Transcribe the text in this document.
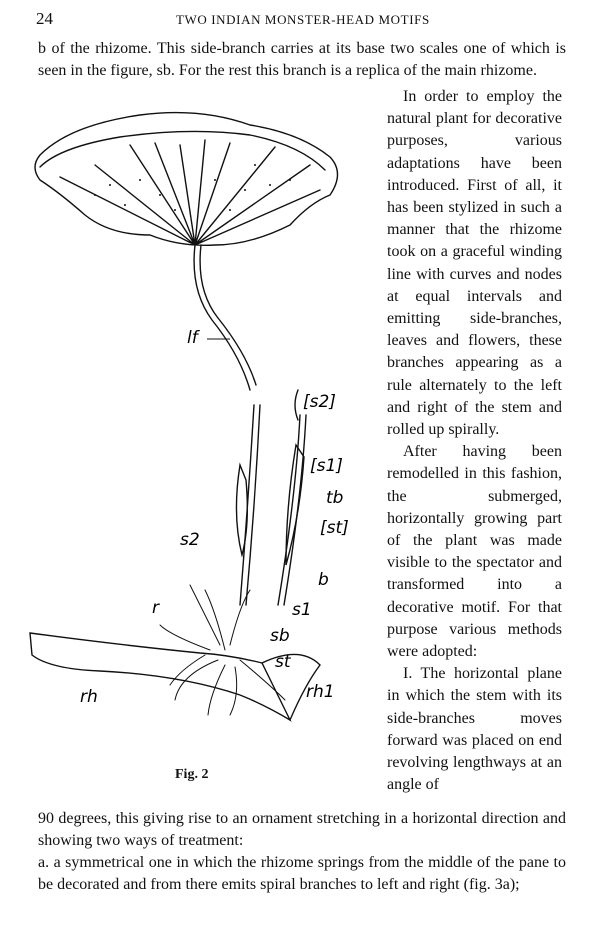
24	TWO INDIAN MONSTER-HEAD MOTIFS

b of the rhizome. This side-branch carries at its base two scales one of which is seen in the figure, sb. For the rest this branch is a replica of the main rhizome.

lf
[s2]
[s1]
tb
[st]
s2
b
r	s1
sb
st
rh	rh1
Fig. 2

In order to employ the natural plant for decorative purposes, various adaptations have been introduced. First of all, it has been stylized in such a manner that the rhizome took on a graceful winding line with curves and nodes at equal intervals and emitting side-branches, leaves and flowers, these branches appearing as a rule alternately to the left and right of the stem and rolled up spirally.

After having been remodelled in this fashion, the submerged, horizontally growing part of the plant was made visible to the spectator and transformed into a decorative motif. For that purpose various methods were adopted:

I. The horizontal plane in which the stem with its side-branches moves forward was placed on end revolving lengthways at an angle of

90 degrees, this giving rise to an ornament stretching in a horizontal direction and showing two ways of treatment:

a. a symmetrical one in which the rhizome springs from the middle of the pane to be decorated and from there emits spiral branches to left and right (fig. 3a);
